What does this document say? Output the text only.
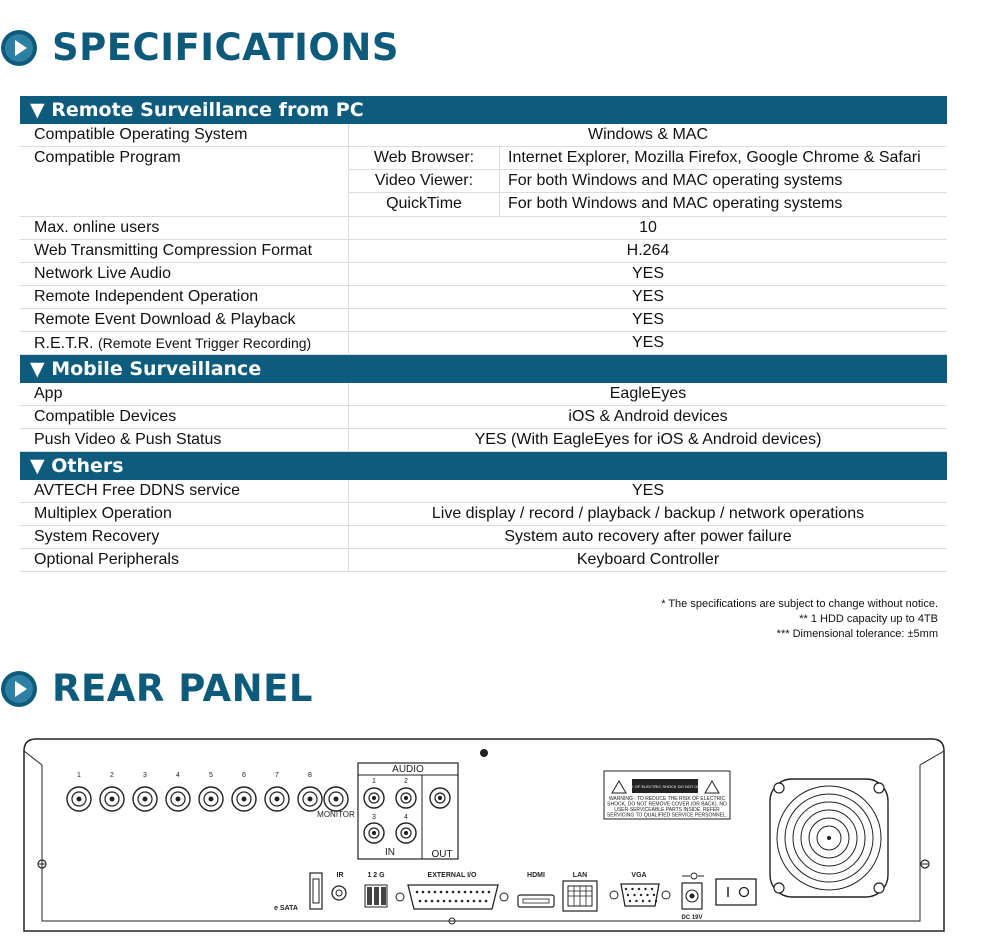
SPECIFICATIONS
▼ Remote Surveillance from PC
Compatible Operating System	Windows & MAC
Compatible Program	Web Browser:	Internet Explorer, Mozilla Firefox, Google Chrome & Safari
Video Viewer:	For both Windows and MAC operating systems
QuickTime	For both Windows and MAC operating systems
Max. online users	10
Web Transmitting Compression Format	H.264
Network Live Audio	YES
Remote Independent Operation	YES
Remote Event Download & Playback	YES
R.E.T.R. (Remote Event Trigger Recording)	YES
▼ Mobile Surveillance
App	EagleEyes
Compatible Devices	iOS & Android devices
Push Video & Push Status	YES (With EagleEyes for iOS & Android devices)
▼ Others
AVTECH Free DDNS service	YES
Multiplex Operation	Live display / record / playback / backup / network operations
System Recovery	System auto recovery after power failure
Optional Peripherals	Keyboard Controller
* The specifications are subject to change without notice.
** 1 HDD capacity up to 4TB
*** Dimensional tolerance: ±5mm
REAR PANEL
1	2	3	4	5	6	7	8
MONITOR
AUDIO
1	2
3	4
IN	OUT
RISK OF ELECTRIC SHOCK DO NOT OPEN
WARNING : TO REDUCE THE RISK OF ELECTRIC
SHOCK, DO NOT REMOVE COVER (OR BACK). NO
USER-SERVICEABLE PARTS INSIDE. REFER
SERVICING TO QUALIFIED SERVICE PERSONNEL.
e SATA
IR	1 2 G	EXTERNAL I/O	HDMI	LAN	VGA
DC 19V
